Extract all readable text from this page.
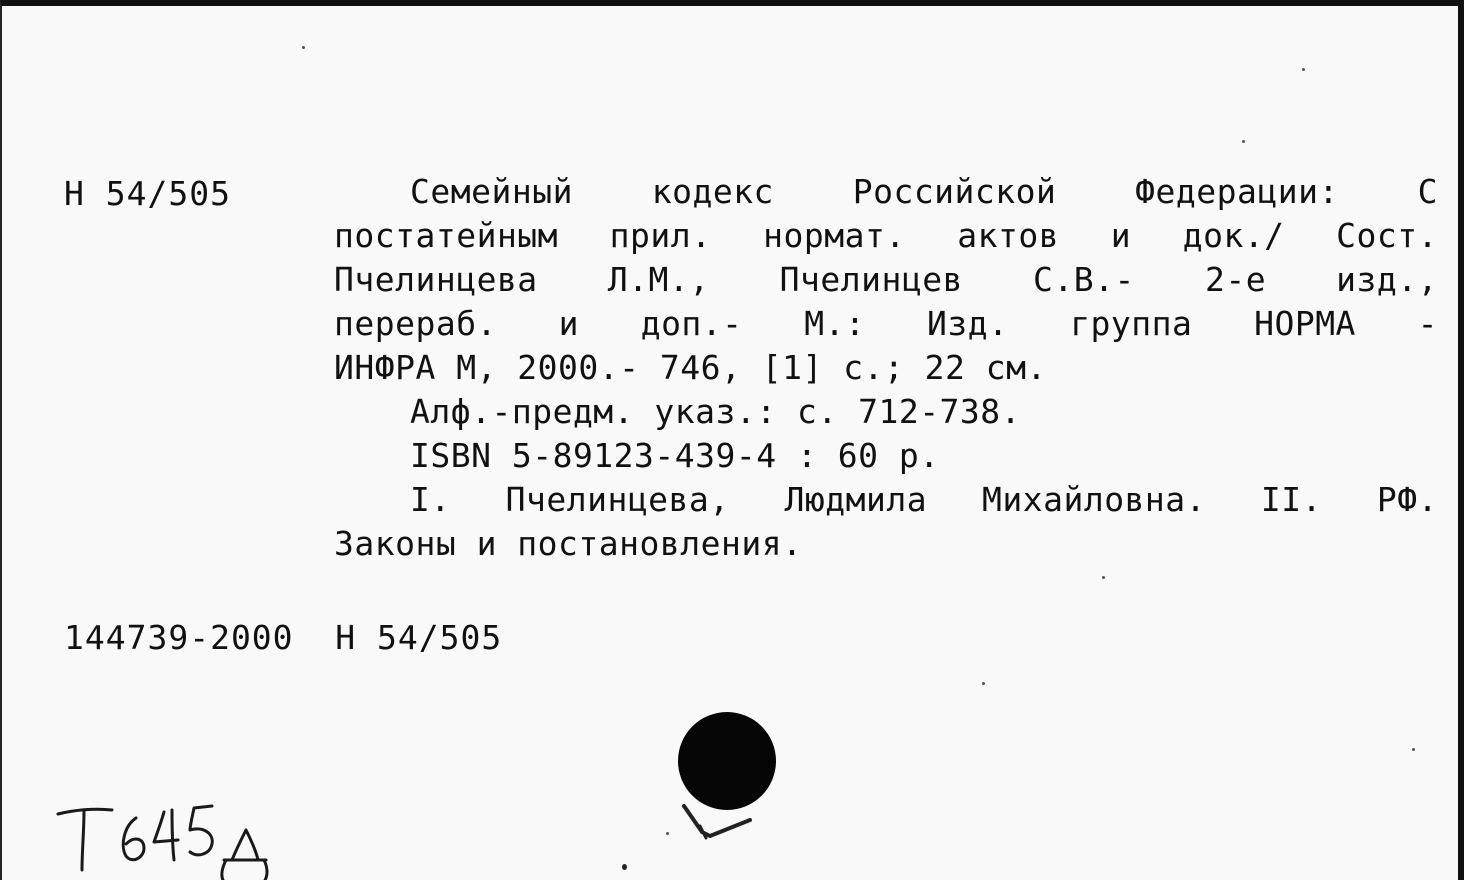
Н 54/505	Семейный кодекс Российской Федерации: С
постатейным прил. нормат. актов и док./ Сост.
Пчелинцева Л.М., Пчелинцев С.В.- 2-е изд.,
перераб. и доп.- М.: Изд. группа НОРМА -
ИНФРА М, 2000.- 746, [1] с.; 22 см.
Алф.-предм. указ.: с. 712-738.
ISBN 5-89123-439-4 : 60 р.
I. Пчелинцева, Людмила Михайловна. II. РФ.
Законы и постановления.
144739-2000  Н 54/505
